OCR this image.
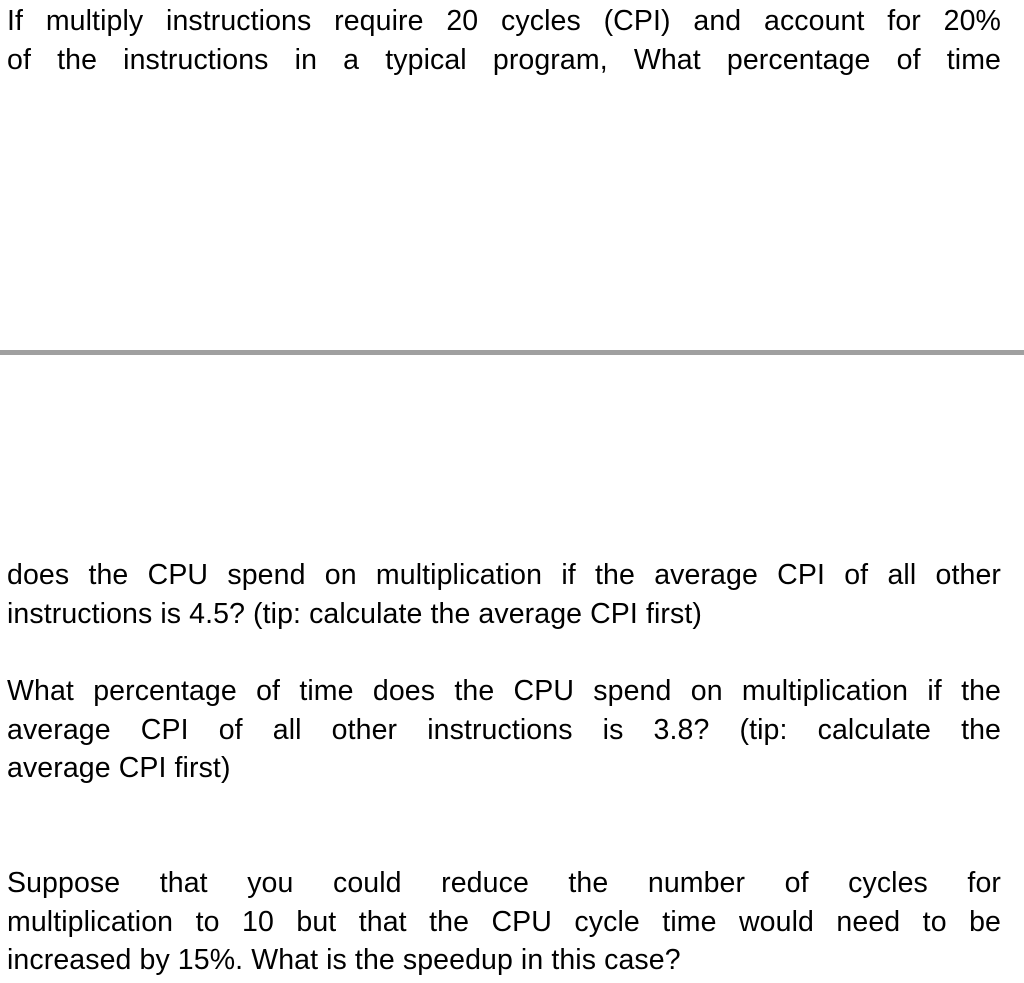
If multiply instructions require 20 cycles (CPI) and account for 20%
of the instructions in a typical program, What percentage of time

does the CPU spend on multiplication if the average CPI of all other
instructions is 4.5? (tip: calculate the average CPI first)

What percentage of time does the CPU spend on multiplication if the
average CPI of all other instructions is 3.8? (tip: calculate the
average CPI first)

Suppose that you could reduce the number of cycles for
multiplication to 10 but that the CPU cycle time would need to be
increased by 15%. What is the speedup in this case?
